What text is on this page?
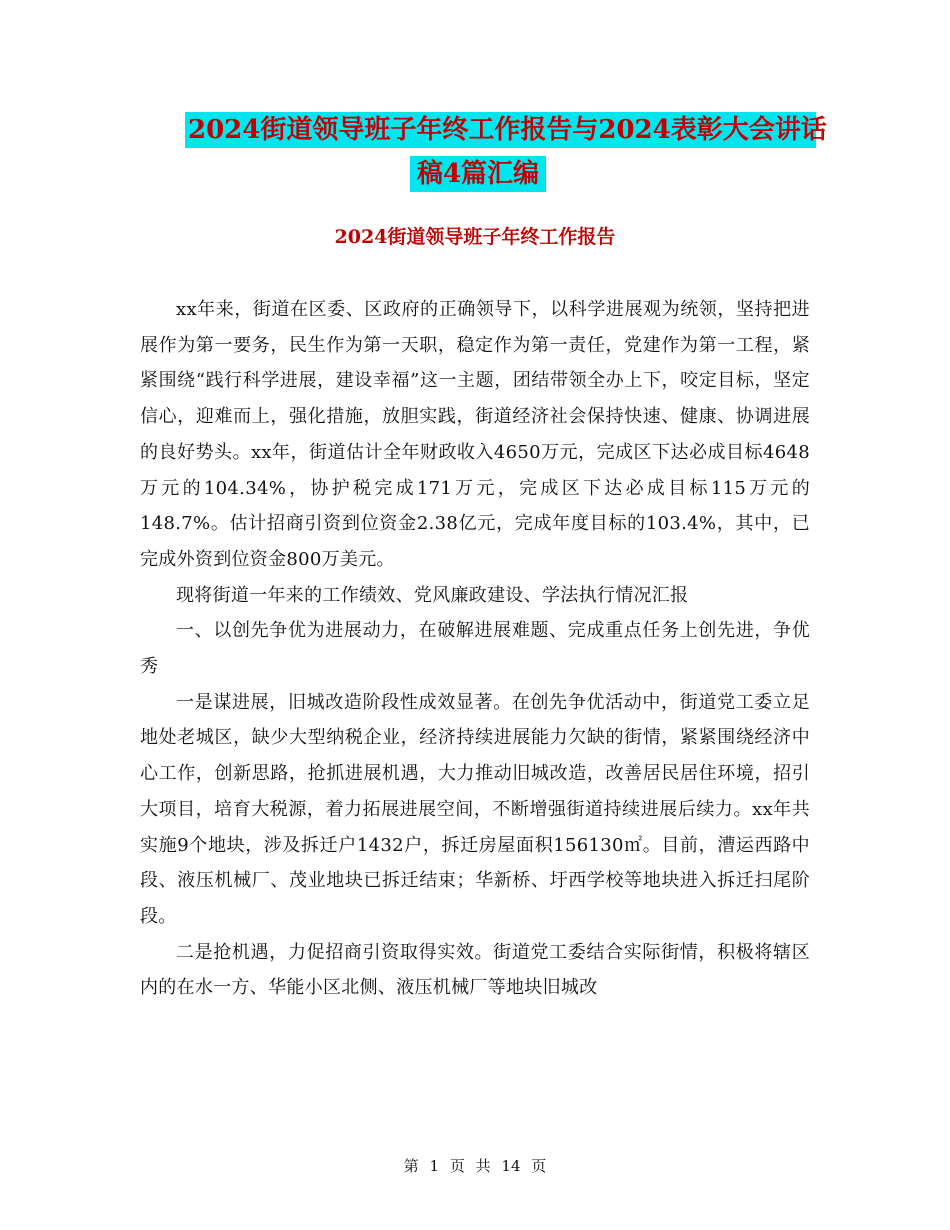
2024街道领导班子年终工作报告与2024表彰大会讲话
稿4篇汇编
2024街道领导班子年终工作报告

xx年来，街道在区委、区政府的正确领导下，以科学进展观为统领，坚持把进展作为第一要务，民生作为第一天职，稳定作为第一责任，党建作为第一工程，紧紧围绕“践行科学进展，建设幸福”这一主题，团结带领全办上下，咬定目标，坚定信心，迎难而上，强化措施，放胆实践，街道经济社会保持快速、健康、协调进展的良好势头。xx年，街道估计全年财政收入4650万元，完成区下达必成目标4648万元的104.34%，协护税完成171万元，完成区下达必成目标115万元的148.7%。估计招商引资到位资金2.38亿元，完成年度目标的103.4%，其中，已完成外资到位资金800万美元。

现将街道一年来的工作绩效、党风廉政建设、学法执行情况汇报

一、以创先争优为进展动力，在破解进展难题、完成重点任务上创先进，争优秀

一是谋进展，旧城改造阶段性成效显著。在创先争优活动中，街道党工委立足地处老城区，缺少大型纳税企业，经济持续进展能力欠缺的街情，紧紧围绕经济中心工作，创新思路，抢抓进展机遇，大力推动旧城改造，改善居民居住环境，招引大项目，培育大税源，着力拓展进展空间，不断增强街道持续进展后续力。xx年共实施9个地块，涉及拆迁户1432户，拆迁房屋面积156130㎡。目前，漕运西路中段、液压机械厂、茂业地块已拆迁结束；华新桥、圩西学校等地块进入拆迁扫尾阶段。

二是抢机遇，力促招商引资取得实效。街道党工委结合实际街情，积极将辖区内的在水一方、华能小区北侧、液压机械厂等地块旧城改

第 1 页 共 14 页
